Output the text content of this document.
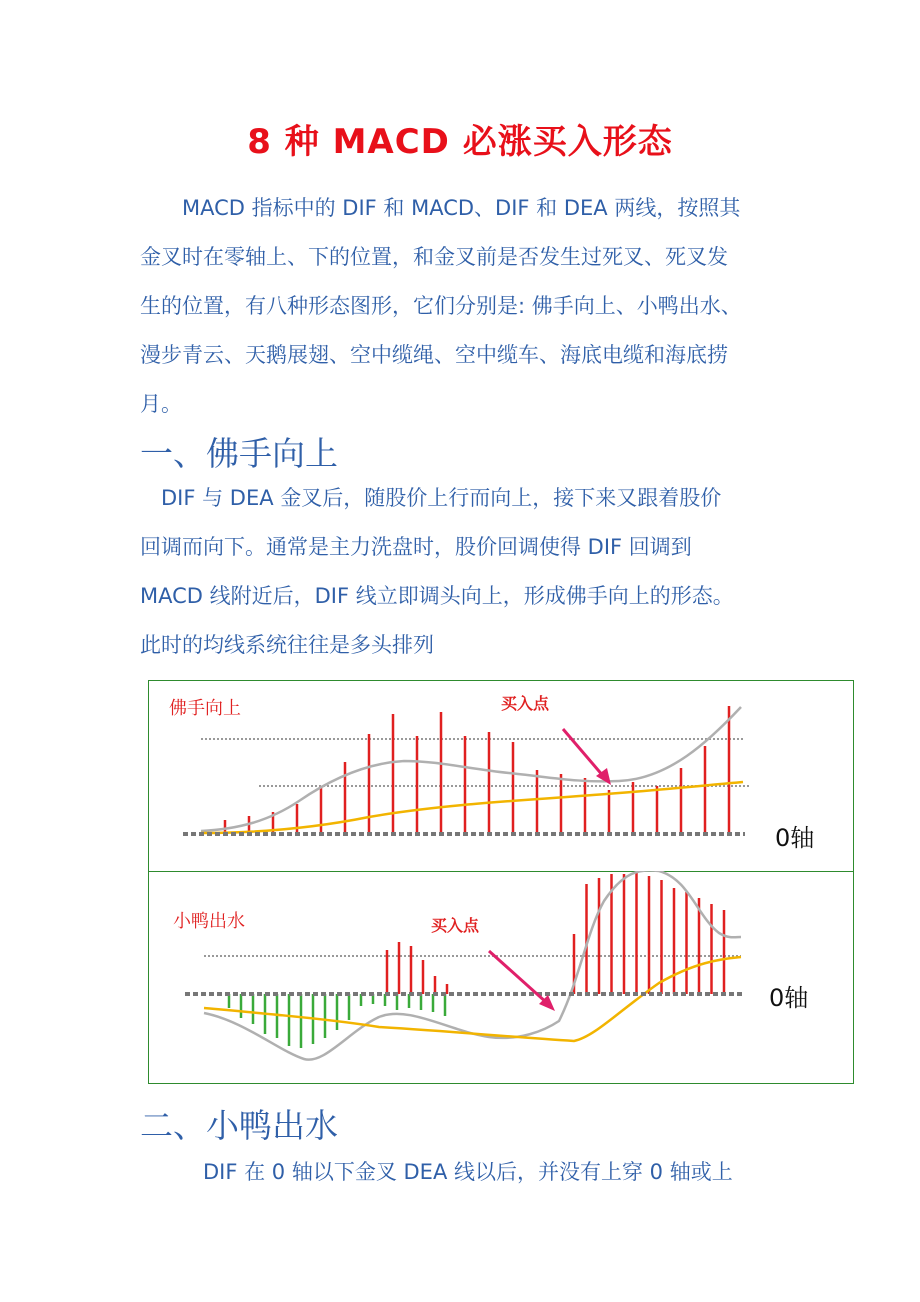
8 种 MACD 必涨买入形态
　　MACD 指标中的 DIF 和 MACD、DIF 和 DEA 两线，按照其
金叉时在零轴上、下的位置，和金叉前是否发生过死叉、死叉发
生的位置，有八种形态图形，它们分别是: 佛手向上、小鸭出水、
漫步青云、天鹅展翅、空中缆绳、空中缆车、海底电缆和海底捞
月。
一、佛手向上
　DIF 与 DEA 金叉后，随股价上行而向上，接下来又跟着股价
回调而向下。通常是主力洗盘时，股价回调使得 DIF 回调到
MACD 线附近后，DIF 线立即调头向上，形成佛手向上的形态。
此时的均线系统往往是多头排列
佛手向上	买入点
0轴
小鸭出水	买入点
0轴
二、小鸭出水
　　　DIF 在 0 轴以下金叉 DEA 线以后，并没有上穿 0 轴或上
